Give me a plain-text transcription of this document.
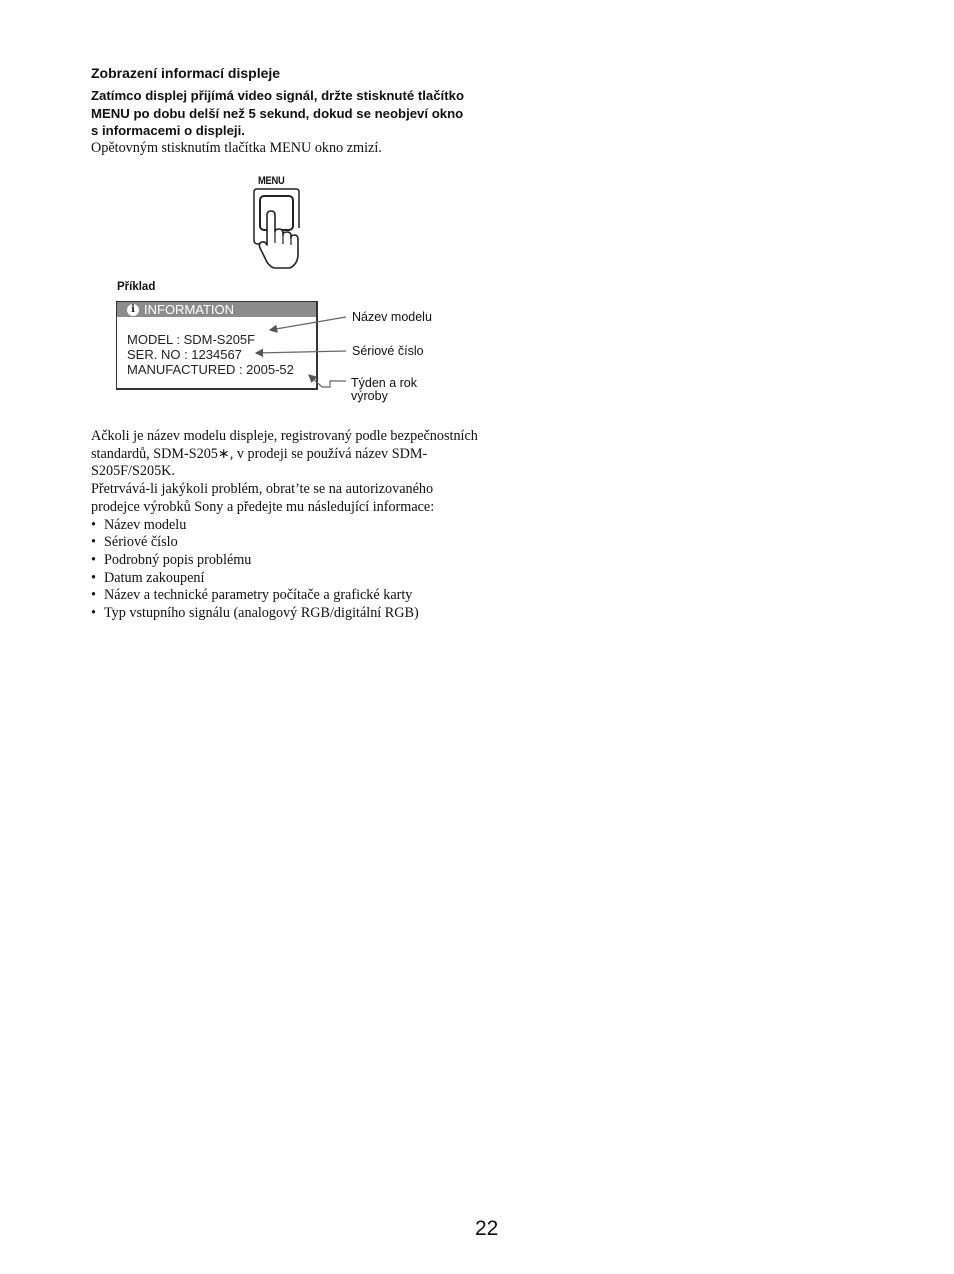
Zobrazení informací displeje
Zatímco displej přijímá video signál, držte stisknuté tlačítko MENU po dobu delší než 5 sekund, dokud se neobjeví okno s informacemi o displeji.
Opětovným stisknutím tlačítka MENU okno zmizí.
MENU
Příklad
i INFORMATION
MODEL : SDM-S205F
SER. NO : 1234567
MANUFACTURED : 2005-52
Název modelu
Sériové číslo
Týden a rok
výroby

Ačkoli je název modelu displeje, registrovaný podle bezpečnostních standardů, SDM-S205∗, v prodeji se používá název SDM-S205F/S205K.

Přetrvává-li jakýkoli problém, obrat’te se na autorizovaného prodejce výrobků Sony a předejte mu následující informace:

• Název modelu
• Sériové číslo
• Podrobný popis problému
• Datum zakoupení
• Název a technické parametry počítače a grafické karty
• Typ vstupního signálu (analogový RGB/digitální RGB)
22
